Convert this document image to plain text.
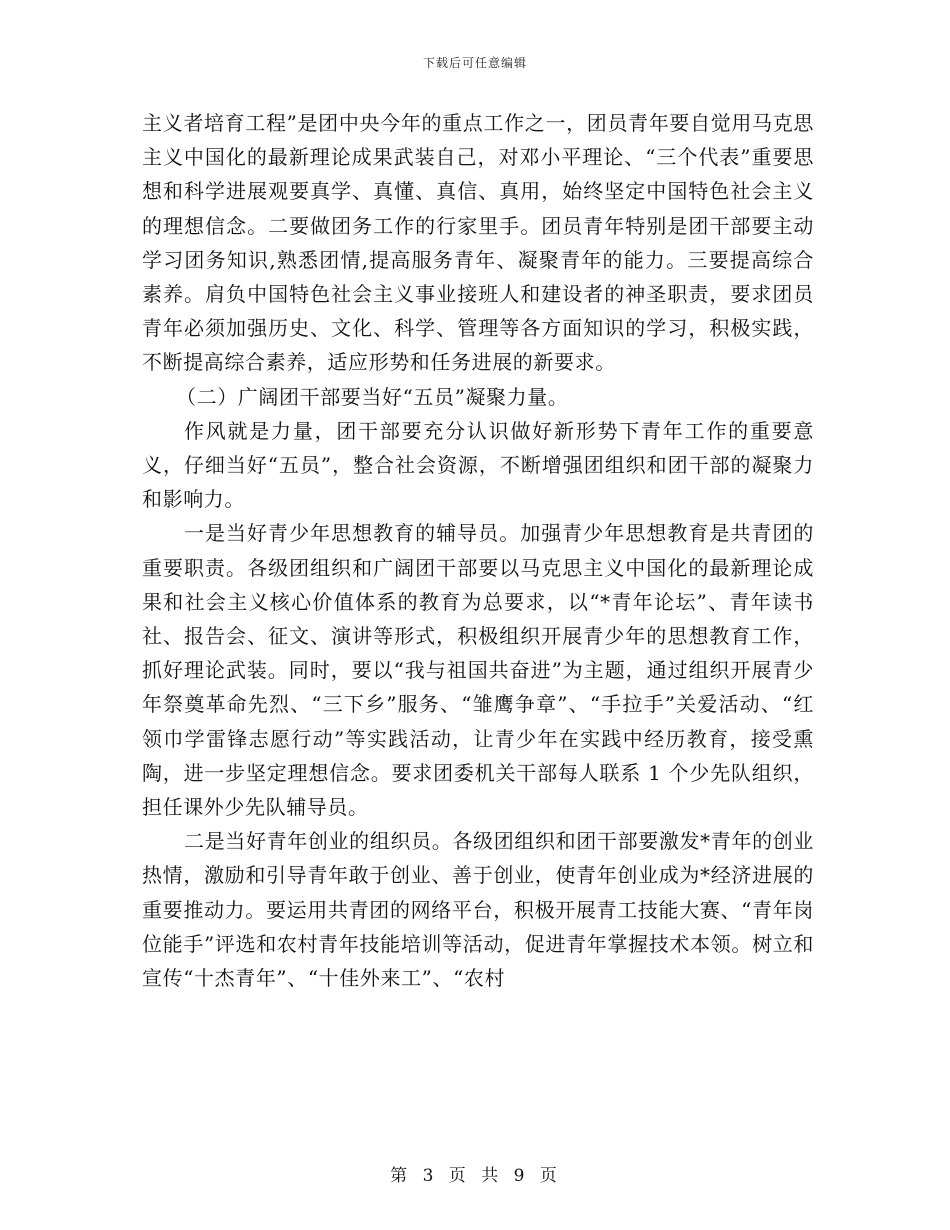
下载后可任意编辑

主义者培育工程”是团中央今年的重点工作之一，团员青年要自觉用马克思主义中国化的最新理论成果武装自己，对邓小平理论、“三个代表”重要思想和科学进展观要真学、真懂、真信、真用，始终坚定中国特色社会主义的理想信念。二要做团务工作的行家里手。团员青年特别是团干部要主动学习团务知识,熟悉团情,提高服务青年、凝聚青年的能力。三要提高综合素养。肩负中国特色社会主义事业接班人和建设者的神圣职责，要求团员青年必须加强历史、文化、科学、管理等各方面知识的学习，积极实践，不断提高综合素养，适应形势和任务进展的新要求。

（二）广阔团干部要当好“五员”凝聚力量。

作风就是力量，团干部要充分认识做好新形势下青年工作的重要意义，仔细当好“五员”，整合社会资源，不断增强团组织和团干部的凝聚力和影响力。

一是当好青少年思想教育的辅导员。加强青少年思想教育是共青团的重要职责。各级团组织和广阔团干部要以马克思主义中国化的最新理论成果和社会主义核心价值体系的教育为总要求，以“*青年论坛”、青年读书社、报告会、征文、演讲等形式，积极组织开展青少年的思想教育工作，抓好理论武装。同时，要以“我与祖国共奋进”为主题，通过组织开展青少年祭奠革命先烈、“三下乡”服务、“雏鹰争章”、“手拉手”关爱活动、“红领巾学雷锋志愿行动”等实践活动，让青少年在实践中经历教育，接受熏陶，进一步坚定理想信念。要求团委机关干部每人联系 1 个少先队组织，担任课外少先队辅导员。

二是当好青年创业的组织员。各级团组织和团干部要激发*青年的创业热情，激励和引导青年敢于创业、善于创业，使青年创业成为*经济进展的重要推动力。要运用共青团的网络平台，积极开展青工技能大赛、“青年岗位能手”评选和农村青年技能培训等活动，促进青年掌握技术本领。树立和宣传“十杰青年”、“十佳外来工”、“农村

第 3 页 共 9 页
